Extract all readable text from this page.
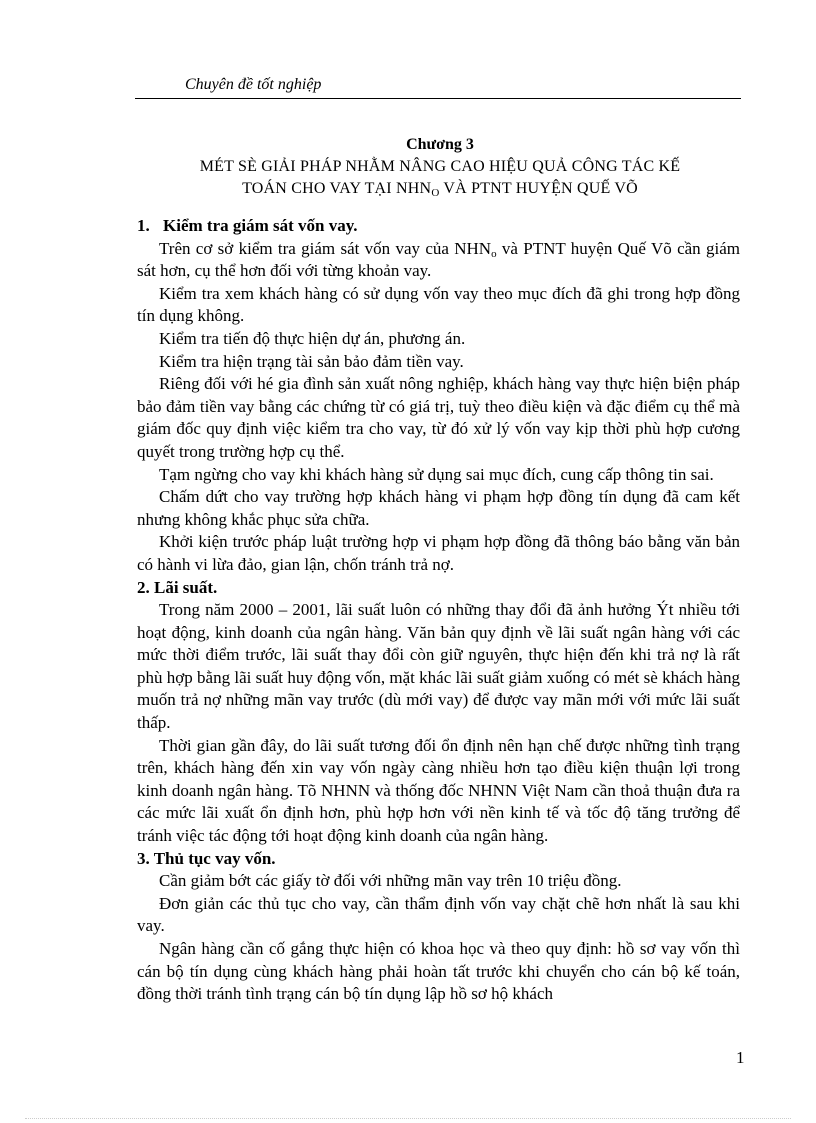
Chuyên đề tốt nghiệp

Chương 3

MÉT SÈ GIẢI PHÁP NHẰM NÂNG CAO HIỆU QUẢ CÔNG TÁC KẾ

TOÁN CHO VAY TẠI $NHN_O$ VÀ PTNT HUYỆN QUẾ VÕ

1. Kiểm tra giám sát vốn vay.

Trên cơ sở kiểm tra giám sát vốn vay của $NHN_o$ và PTNT huyện Quế Võ cần giám sát hơn, cụ thể hơn đối với từng khoản vay.

Kiểm tra xem khách hàng có sử dụng vốn vay theo mục đích đã ghi trong hợp đồng tín dụng không.

Kiểm tra tiến độ thực hiện dự án, phương án.

Kiểm tra hiện trạng tài sản bảo đảm tiền vay.

Riêng đối với hé gia đình sản xuất nông nghiệp, khách hàng vay thực hiện biện pháp bảo đảm tiền vay bằng các chứng từ có giá trị, tuỳ theo điều kiện và đặc điểm cụ thể mà giám đốc quy định việc kiểm tra cho vay, từ đó xử lý vốn vay kịp thời phù hợp cương quyết trong trường hợp cụ thể.

Tạm ngừng cho vay khi khách hàng sử dụng sai mục đích, cung cấp thông tin sai.

Chấm dứt cho vay trường hợp khách hàng vi phạm hợp đồng tín dụng đã cam kết nhưng không khắc phục sửa chữa.

Khởi kiện trước pháp luật trường hợp vi phạm hợp đồng đã thông báo bằng văn bản có hành vi lừa đảo, gian lận, chốn tránh trả nợ.

2. Lãi suất.

Trong năm 2000 – 2001, lãi suất luôn có những thay đổi đã ảnh hưởng Ýt nhiều tới hoạt động, kinh doanh của ngân hàng. Văn bản quy định về lãi suất ngân hàng với các mức thời điểm trước, lãi suất thay đổi còn giữ nguyên, thực hiện đến khi trả nợ là rất phù hợp bằng lãi suất huy động vốn, mặt khác lãi suất giảm xuống có mét sè khách hàng muốn trả nợ những mãn vay trước (dù mới vay) để được vay mãn mới với mức lãi suất thấp.

Thời gian gần đây, do lãi suất tương đối ổn định nên hạn chế được những tình trạng trên, khách hàng đến xin vay vốn ngày càng nhiều hơn tạo điều kiện thuận lợi trong kinh doanh ngân hàng. Tõ NHNN và thống đốc NHNN Việt Nam cần thoả thuận đưa ra các mức lãi xuất ổn định hơn, phù hợp hơn với nền kinh tế và tốc độ tăng trưởng để tránh việc tác động tới hoạt động kinh doanh của ngân hàng.

3. Thủ tục vay vốn.

Cần giảm bớt các giấy tờ đối với những mãn vay trên 10 triệu đồng.

Đơn giản các thủ tục cho vay, cần thẩm định vốn vay chặt chẽ hơn nhất là sau khi vay.

Ngân hàng cần cố gắng thực hiện có khoa học và theo quy định: hồ sơ vay vốn thì cán bộ tín dụng cùng khách hàng phải hoàn tất trước khi chuyển cho cán bộ kế toán, đồng thời tránh tình trạng cán bộ tín dụng lập hồ sơ hộ khách

1
